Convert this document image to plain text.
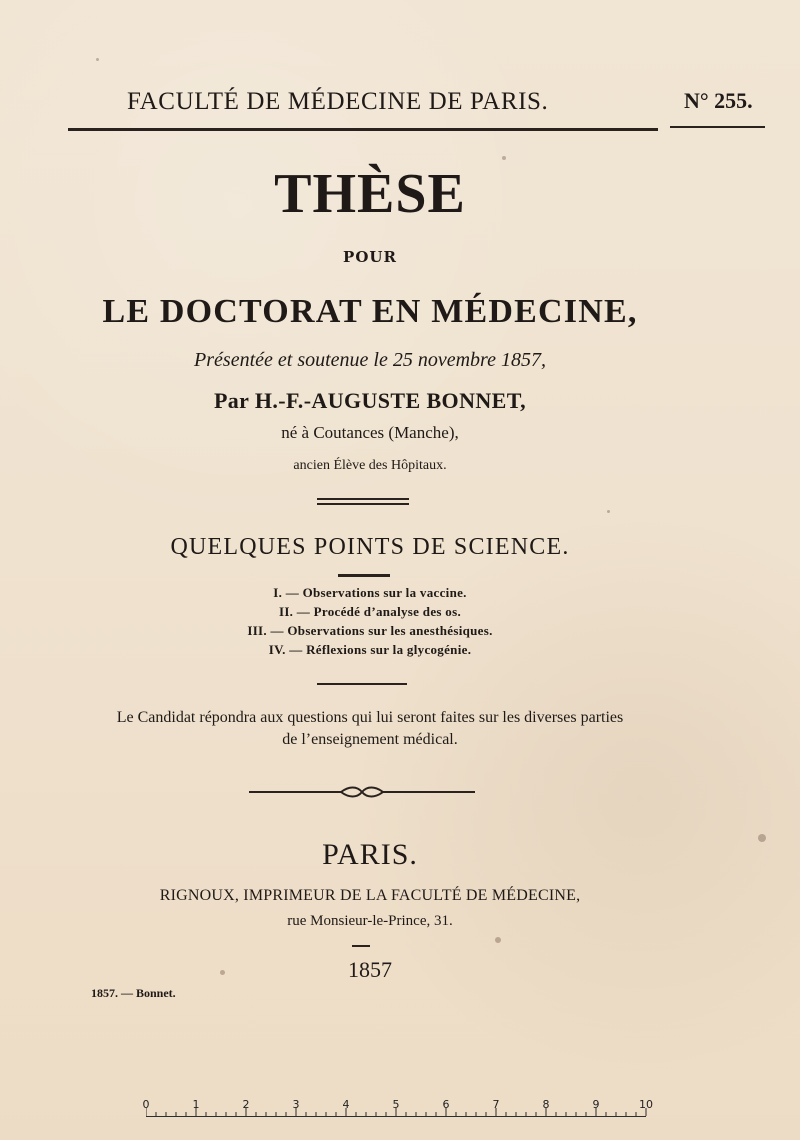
FACULTÉ DE MÉDECINE DE PARIS.	N° 255.
THÈSE
POUR
LE DOCTORAT EN MÉDECINE,
Présentée et soutenue le 25 novembre 1857,
Par H.-F.-AUGUSTE BONNET,
né à Coutances (Manche),
ancien Élève des Hôpitaux.
QUELQUES POINTS DE SCIENCE.
I. — Observations sur la vaccine.
II. — Procédé d’analyse des os.
III. — Observations sur les anesthésiques.
IV. — Réflexions sur la glycogénie.
Le Candidat répondra aux questions qui lui seront faites sur les diverses parties
de l’enseignement médical.
PARIS.
RIGNOUX, IMPRIMEUR DE LA FACULTÉ DE MÉDECINE,
rue Monsieur-le-Prince, 31.
1857
1857. — Bonnet.
0	1	2	3	4	5	6	7	8	9	10
